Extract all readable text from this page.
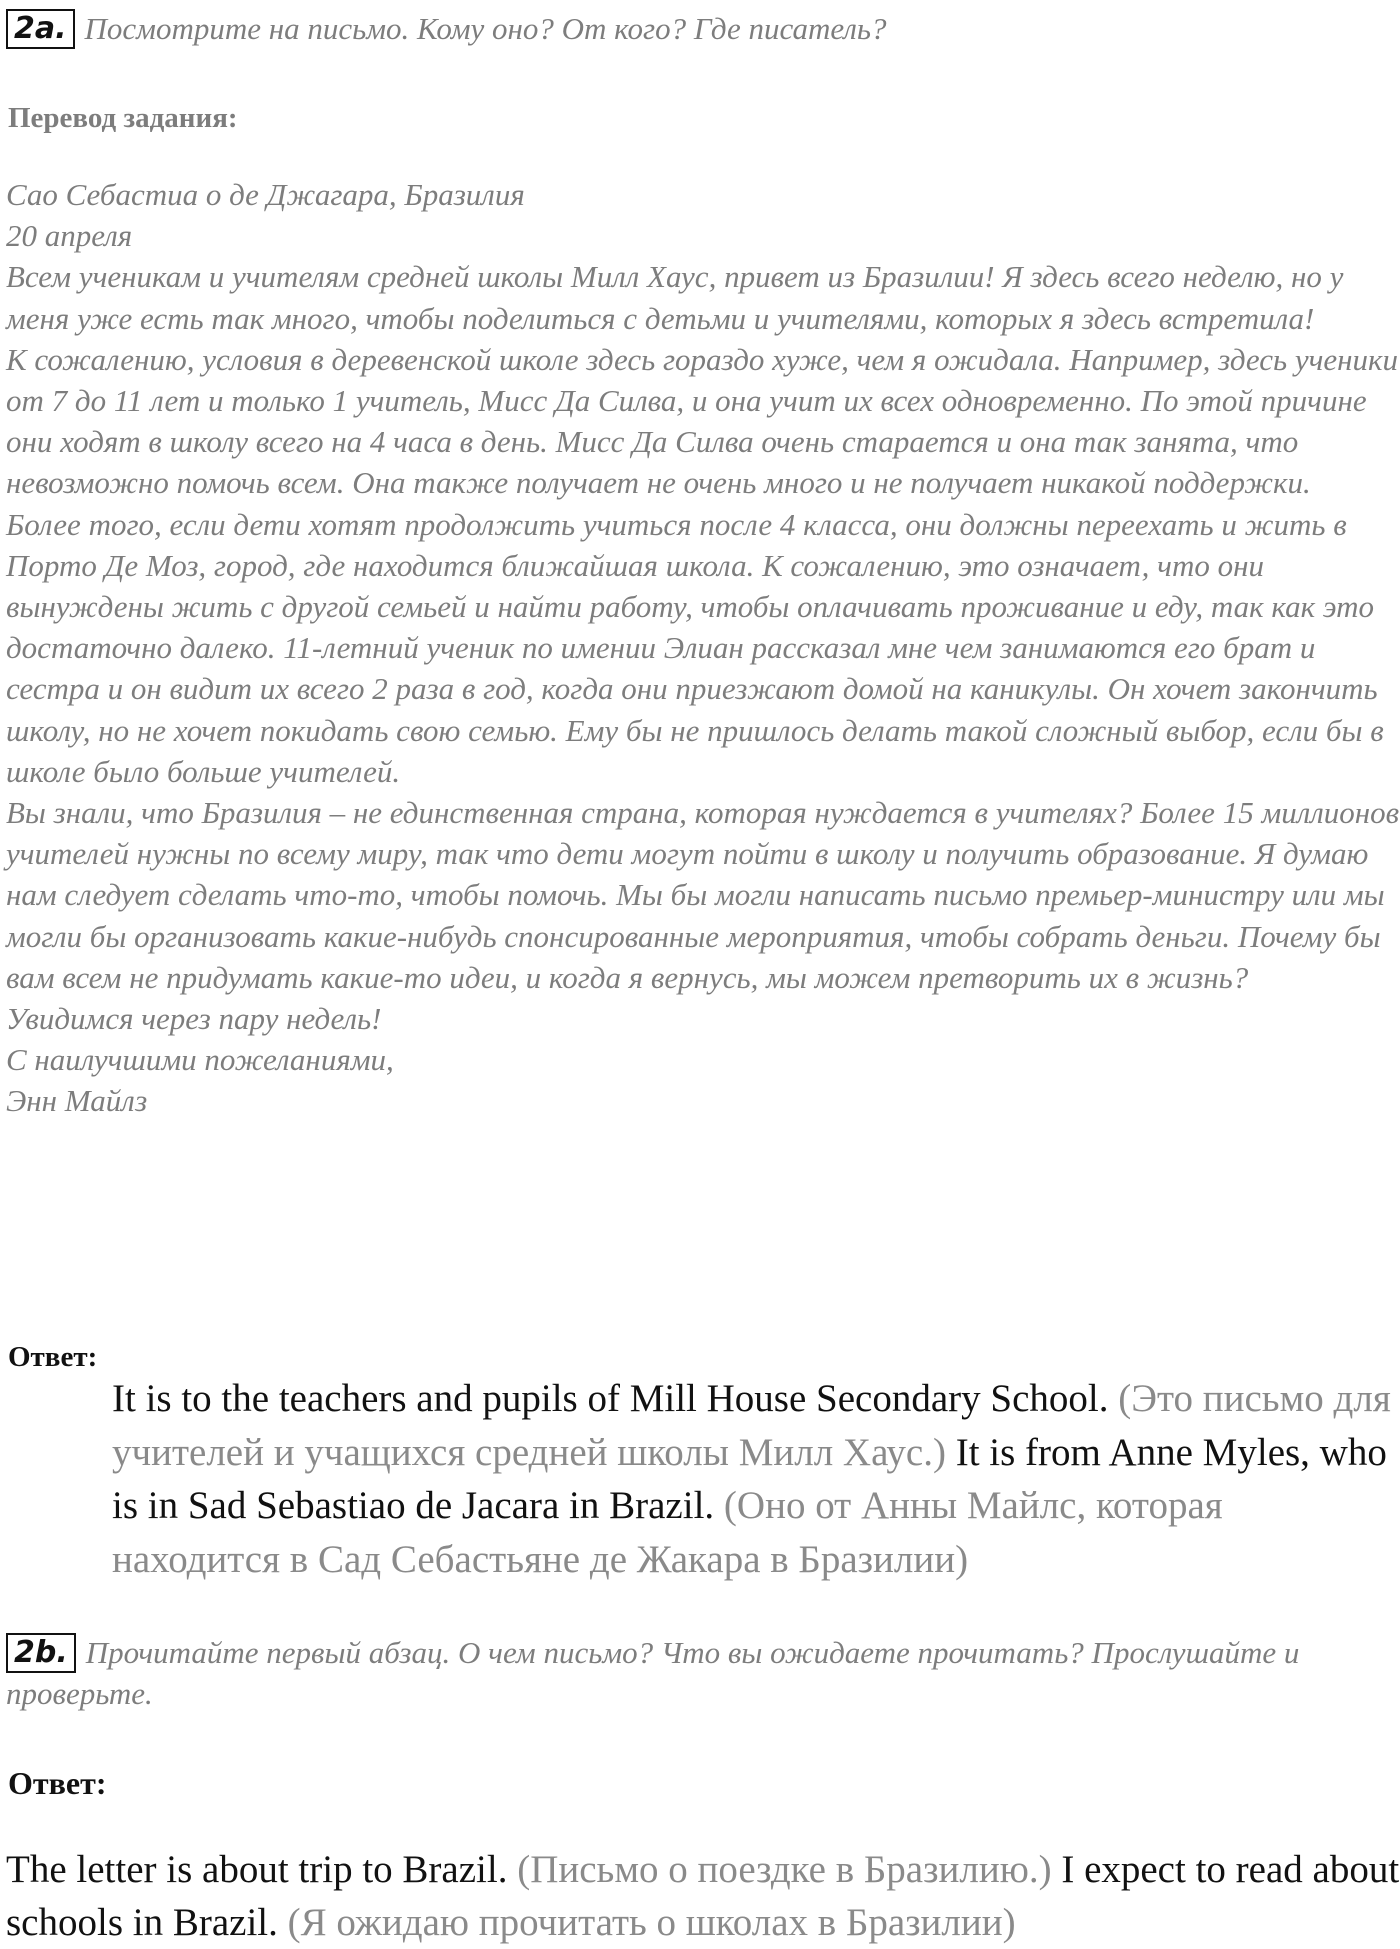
2a. Посмотрите на письмо. Кому оно? От кого? Где писатель?
Перевод задания:
Сао Себастиа о де Джагара, Бразилия
20 апреля
Всем ученикам и учителям средней школы Милл Хаус, привет из Бразилии! Я здесь всего неделю, но у меня уже есть так много, чтобы поделиться с детьми и учителями, которых я здесь встретила!
К сожалению, условия в деревенской школе здесь гораздо хуже, чем я ожидала. Например, здесь ученики от 7 до 11 лет и только 1 учитель, Мисс Да Силва, и она учит их всех одновременно. По этой причине они ходят в школу всего на 4 часа в день. Мисс Да Силва очень старается и она так занята, что невозможно помочь всем. Она также получает не очень много и не получает никакой поддержки.
Более того, если дети хотят продолжить учиться после 4 класса, они должны переехать и жить в Порто Де Моз, город, где находится ближайшая школа. К сожалению, это означает, что они вынуждены жить с другой семьей и найти работу, чтобы оплачивать проживание и еду, так как это достаточно далеко. 11-летний ученик по имении Элиан рассказал мне чем занимаются его брат и сестра и он видит их всего 2 раза в год, когда они приезжают домой на каникулы. Он хочет закончить школу, но не хочет покидать свою семью. Ему бы не пришлось делать такой сложный выбор, если бы в школе было больше учителей.
Вы знали, что Бразилия – не единственная страна, которая нуждается в учителях? Более 15 миллионов учителей нужны по всему миру, так что дети могут пойти в школу и получить образование. Я думаю нам следует сделать что-то, чтобы помочь. Мы бы могли написать письмо премьер-министру или мы могли бы организовать какие-нибудь спонсированные мероприятия, чтобы собрать деньги. Почему бы вам всем не придумать какие-то идеи, и когда я вернусь, мы можем претворить их в жизнь?
Увидимся через пару недель!
С наилучшими пожеланиями,
Энн Майлз
Ответ:
It is to the teachers and pupils of Mill House Secondary School. (Это письмо для учителей и учащихся средней школы Милл Хаус.) It is from Anne Myles, who is in Sad Sebastiao de Jacara in Brazil. (Оно от Анны Майлс, которая находится в Сад Себастьяне де Жакара в Бразилии)
2b. Прочитайте первый абзац. О чем письмо? Что вы ожидаете прочитать? Прослушайте и проверьте.
Ответ:
The letter is about trip to Brazil. (Письмо о поездке в Бразилию.) I expect to read about schools in Brazil. (Я ожидаю прочитать о школах в Бразилии)
